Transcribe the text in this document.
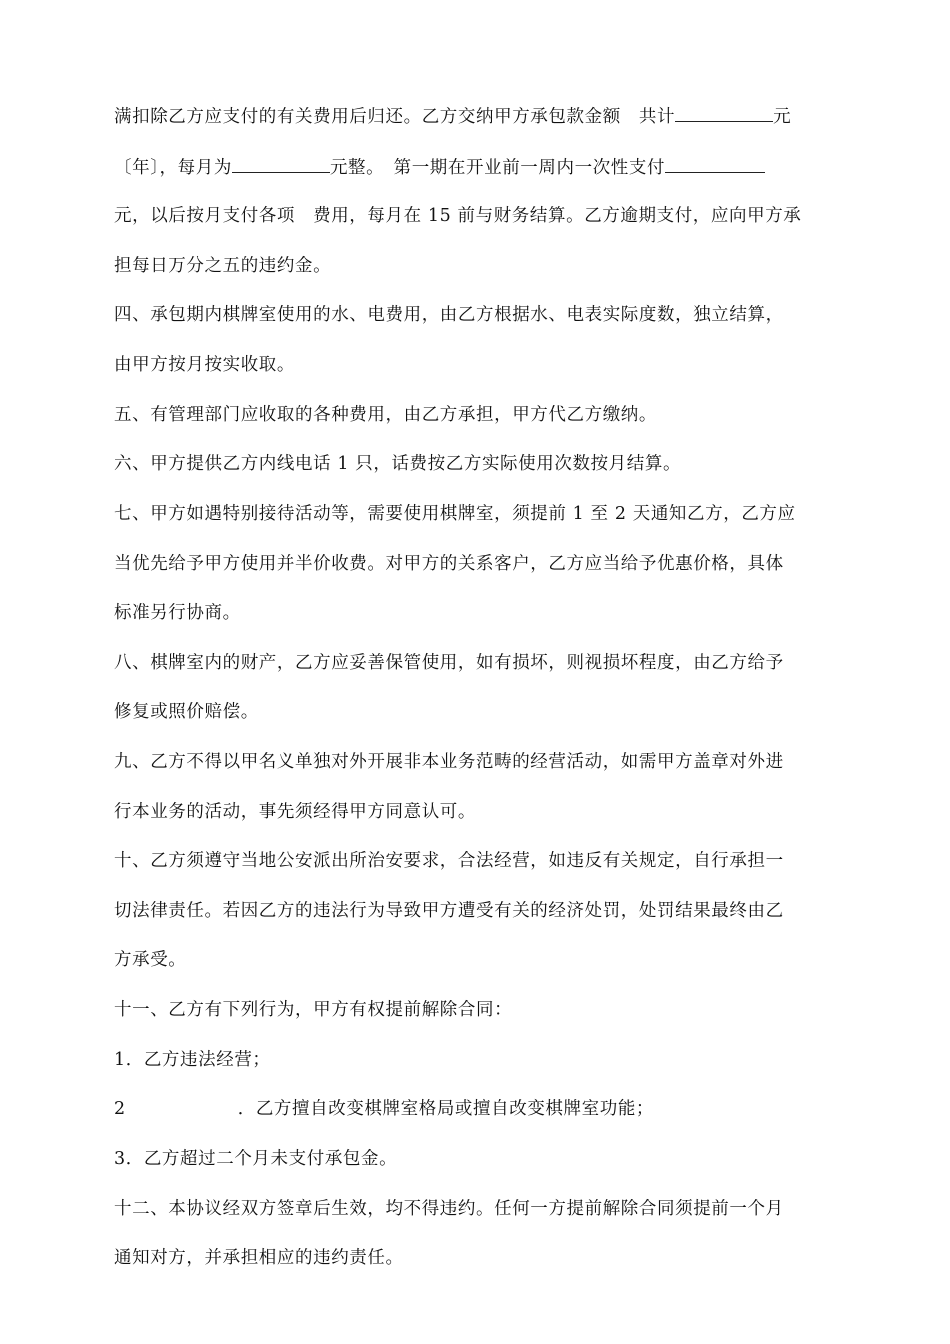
满扣除乙方应支付的有关费用后归还。乙方交纳甲方承包款金额　共计	元
〔年〕，每月为	元整。　第一期在开业前一周内一次性支付
元，以后按月支付各项　费用，每月在 15 前与财务结算。乙方逾期支付，应向甲方承
担每日万分之五的违约金。
四、承包期内棋牌室使用的水、电费用，由乙方根据水、电表实际度数，独立结算，
由甲方按月按实收取。
五、有管理部门应收取的各种费用，由乙方承担，甲方代乙方缴纳。
六、甲方提供乙方内线电话 1 只，话费按乙方实际使用次数按月结算。
七、甲方如遇特别接待活动等，需要使用棋牌室，须提前 1 至 2 天通知乙方，乙方应
当优先给予甲方使用并半价收费。对甲方的关系客户，乙方应当给予优惠价格，具体
标准另行协商。
八、棋牌室内的财产，乙方应妥善保管使用，如有损坏，则视损坏程度，由乙方给予
修复或照价赔偿。
九、乙方不得以甲名义单独对外开展非本业务范畴的经营活动，如需甲方盖章对外进
行本业务的活动，事先须经得甲方同意认可。
十、乙方须遵守当地公安派出所治安要求，合法经营，如违反有关规定，自行承担一
切法律责任。若因乙方的违法行为导致甲方遭受有关的经济处罚，处罚结果最终由乙
方承受。
十一、乙方有下列行为，甲方有权提前解除合同：
1．乙方违法经营；
2	．乙方擅自改变棋牌室格局或擅自改变棋牌室功能；
3．乙方超过二个月未支付承包金。
十二、本协议经双方签章后生效，均不得违约。任何一方提前解除合同须提前一个月
通知对方，并承担相应的违约责任。
